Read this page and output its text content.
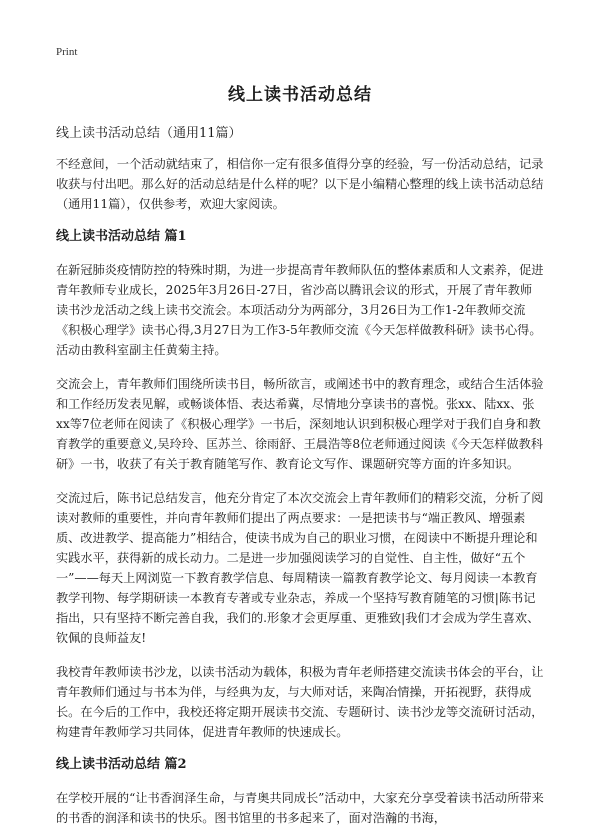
Print
线上读书活动总结
线上读书活动总结（通用11篇）

不经意间，一个活动就结束了，相信你一定有很多值得分享的经验，写一份活动总结，记录收获与付出吧。那么好的活动总结是什么样的呢？以下是小编精心整理的线上读书活动总结（通用11篇），仅供参考，欢迎大家阅读。

线上读书活动总结 篇1

在新冠肺炎疫情防控的特殊时期，为进一步提高青年教师队伍的整体素质和人文素养，促进青年教师专业成长，2025年3月26日-27日，省沙高以腾讯会议的形式，开展了青年教师读书沙龙活动之线上读书交流会。本项活动分为两部分，3月26日为工作1-2年教师交流《积极心理学》读书心得,3月27日为工作3-5年教师交流《今天怎样做教科研》读书心得。活动由教科室副主任黄菊主持。

交流会上，青年教师们围绕所读书目，畅所欲言，或阐述书中的教育理念，或结合生活体验和工作经历发表见解，或畅谈体悟、表达希冀，尽情地分享读书的喜悦。张xx、陆xx、张xx等7位老师在阅读了《积极心理学》一书后，深刻地认识到积极心理学对于我们自身和教育教学的重要意义,吴玲玲、匡苏兰、徐雨舒、王晨浩等8位老师通过阅读《今天怎样做教科研》一书，收获了有关于教育随笔写作、教育论文写作、课题研究等方面的许多知识。

交流过后，陈书记总结发言，他充分肯定了本次交流会上青年教师们的精彩交流，分析了阅读对教师的重要性，并向青年教师们提出了两点要求：一是把读书与“端正教风、增强素质、改进教学、提高能力”相结合，使读书成为自己的职业习惯，在阅读中不断提升理论和实践水平，获得新的成长动力。二是进一步加强阅读学习的自觉性、自主性，做好“五个一”——每天上网浏览一下教育教学信息、每周精读一篇教育教学论文、每月阅读一本教育教学刊物、每学期研读一本教育专著或专业杂志，养成一个坚持写教育随笔的习惯|陈书记指出，只有坚持不断完善自我，我们的.形象才会更厚重、更雅致|我们才会成为学生喜欢、钦佩的良师益友!

我校青年教师读书沙龙，以读书活动为载体，积极为青年老师搭建交流读书体会的平台，让青年教师们通过与书本为伴，与经典为友，与大师对话，来陶冶情操，开拓视野，获得成长。在今后的工作中，我校还将定期开展读书交流、专题研讨、读书沙龙等交流研讨活动，构建青年教师学习共同体，促进青年教师的快速成长。

线上读书活动总结 篇2

在学校开展的“让书香润泽生命，与青奥共同成长”活动中，大家充分享受着读书活动所带来的书香的润泽和读书的快乐。图书馆里的书多起来了，面对浩瀚的书海，
